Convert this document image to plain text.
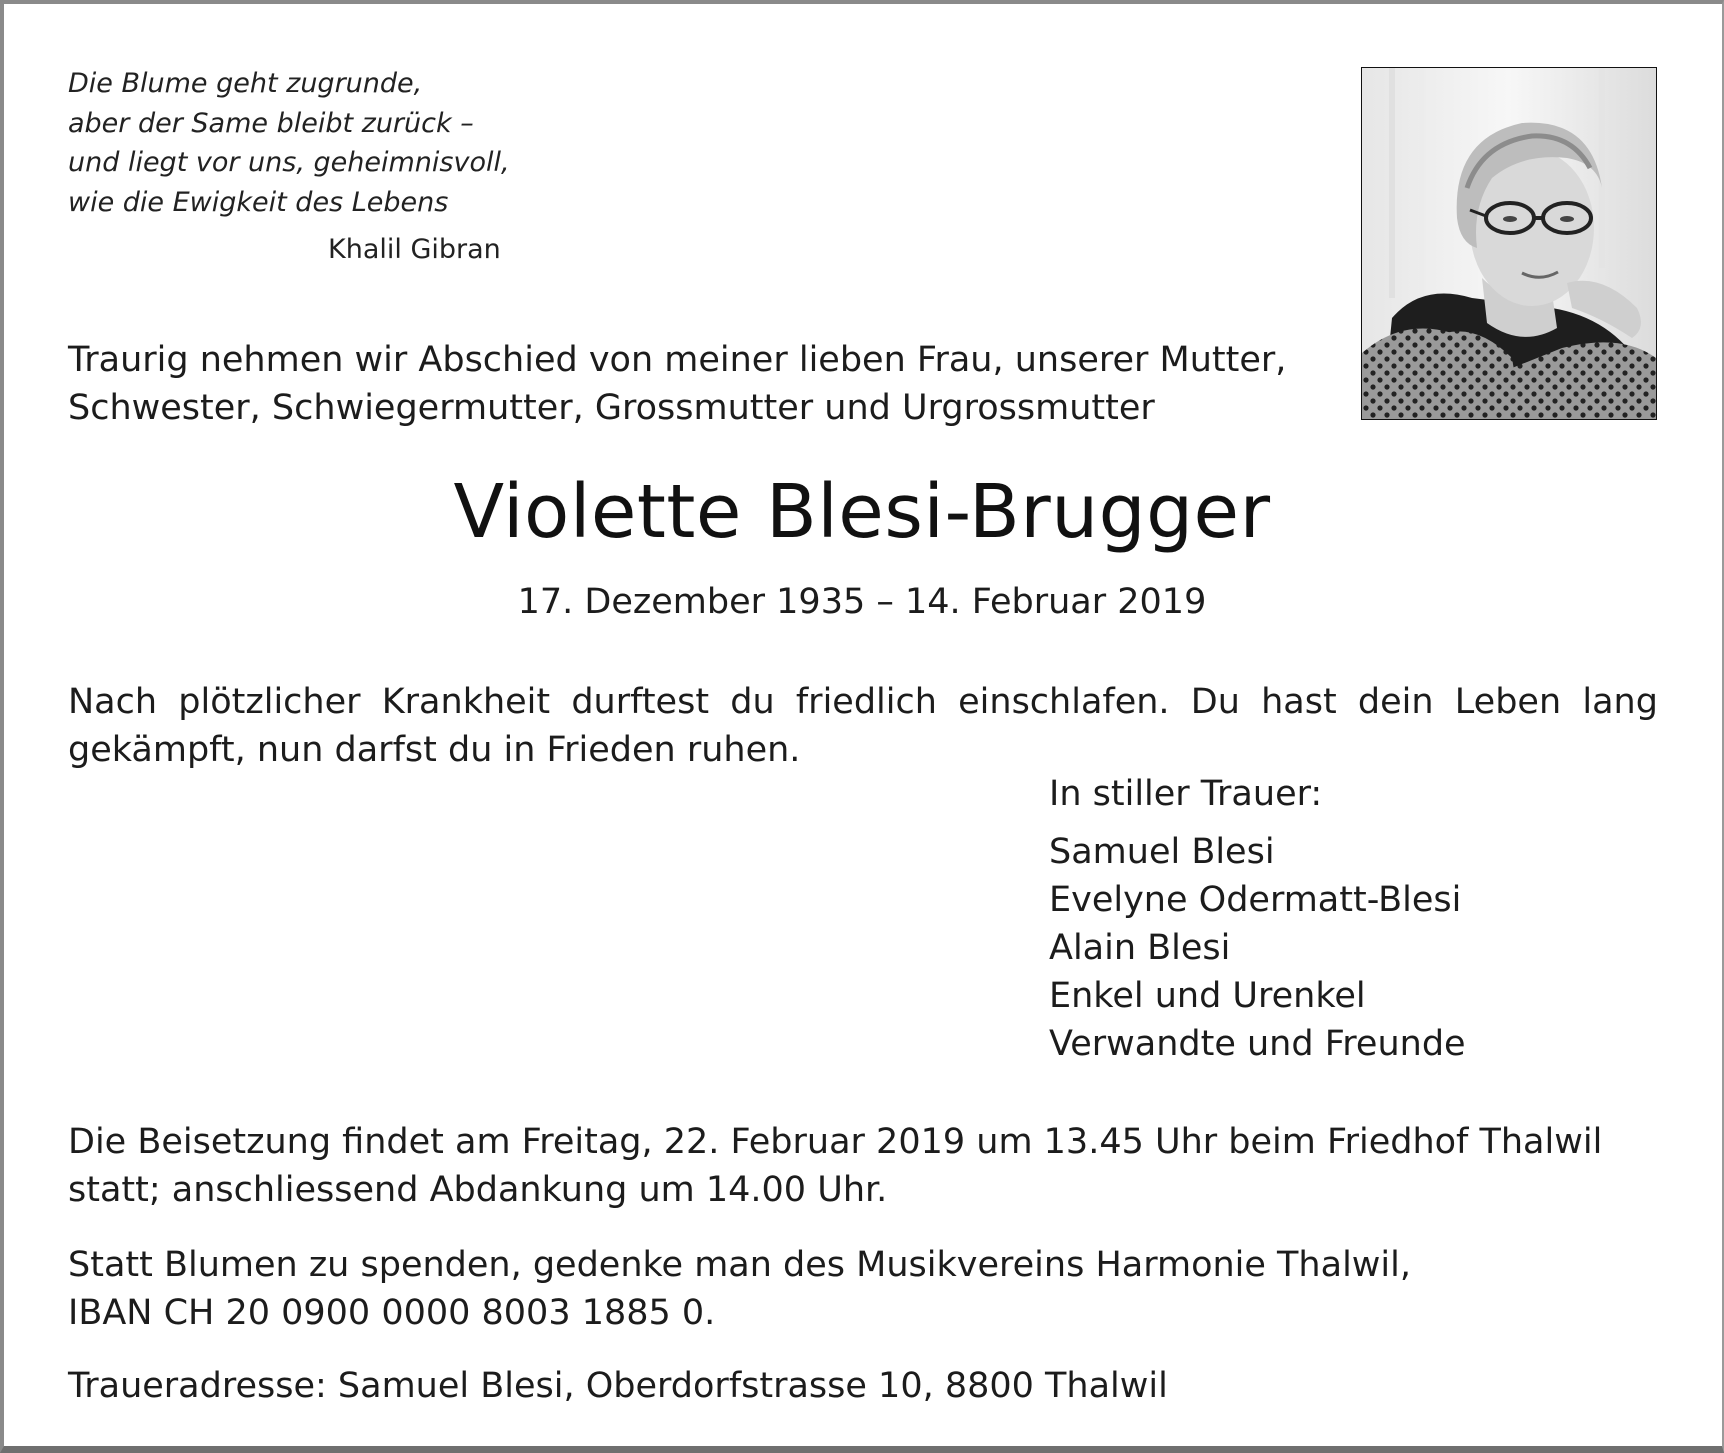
Die Blume geht zugrunde,
aber der Same bleibt zurück –
und liegt vor uns, geheimnisvoll,
wie die Ewigkeit des Lebens
Khalil Gibran
Traurig nehmen wir Abschied von meiner lieben Frau, unserer Mutter,
Schwester, Schwiegermutter, Grossmutter und Urgrossmutter
Violette Blesi-Brugger
17. Dezember 1935 – 14. Februar 2019
Nach plötzlicher Krankheit durftest du friedlich einschlafen. Du hast dein Leben lang
gekämpft, nun darfst du in Frieden ruhen.
In stiller Trauer:
Samuel Blesi
Evelyne Odermatt-Blesi
Alain Blesi
Enkel und Urenkel
Verwandte und Freunde
Die Beisetzung findet am Freitag, 22. Februar 2019 um 13.45 Uhr beim Friedhof Thalwil
statt; anschliessend Abdankung um 14.00 Uhr.
Statt Blumen zu spenden, gedenke man des Musikvereins Harmonie Thalwil,
IBAN CH 20 0900 0000 8003 1885 0.
Traueradresse: Samuel Blesi, Oberdorfstrasse 10, 8800 Thalwil
